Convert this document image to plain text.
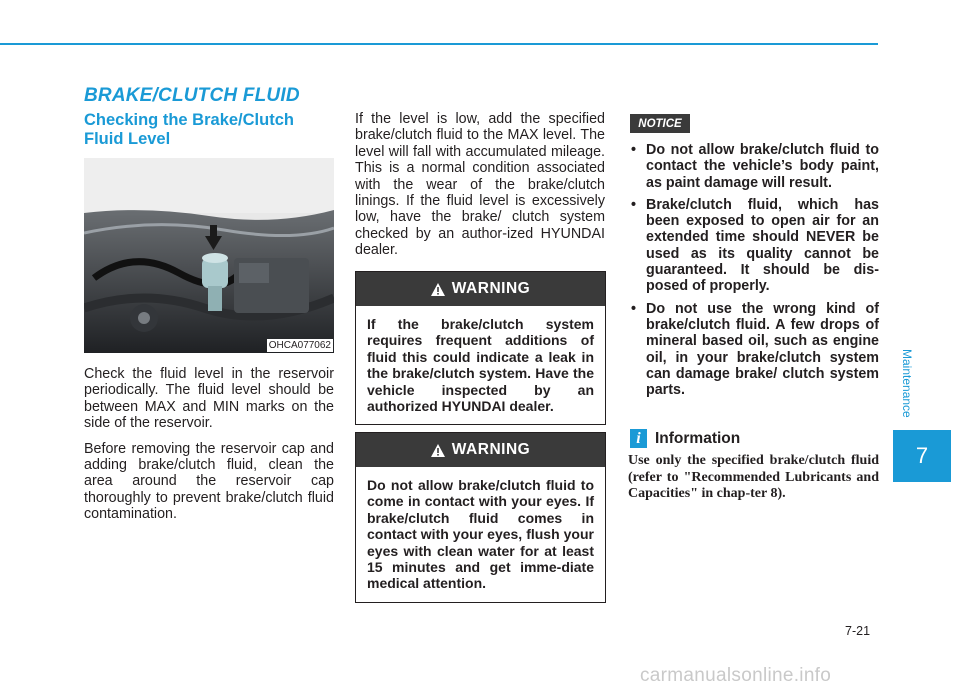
BRAKE/CLUTCH FLUID
Checking the Brake/Clutch Fluid Level
OHCA077062

Check the fluid level in the reservoir periodically. The fluid level should be between MAX and MIN marks on the side of the reservoir.

Before removing the reservoir cap and adding brake/clutch fluid, clean the area around the reservoir cap thoroughly to prevent brake/clutch fluid contamination.

If the level is low, add the specified brake/clutch fluid to the MAX level. The level will fall with accumulated mileage. This is a normal condition associated with the wear of the brake/clutch linings. If the fluid level is excessively low, have the brake/ clutch system checked by an author-ized HYUNDAI dealer.
WARNING
If the brake/clutch system requires frequent additions of fluid this could indicate a leak in the brake/clutch system. Have the vehicle inspected by an authorized HYUNDAI dealer.
WARNING
Do not allow brake/clutch fluid to come in contact with your eyes. If brake/clutch fluid comes in contact with your eyes, flush your eyes with clean water for at least 15 minutes and get imme-diate medical attention.
NOTICE
• Do not allow brake/clutch fluid to contact the vehicle’s body paint, as paint damage will result.
• Brake/clutch fluid, which has been exposed to open air for an extended time should NEVER be used as its quality cannot be guaranteed. It should be dis-posed of properly.
• Do not use the wrong kind of brake/clutch fluid. A few drops of mineral based oil, such as engine oil, in your brake/clutch system can damage brake/ clutch system parts.
i Information
Use only the specified brake/clutch fluid (refer to "Recommended Lubricants and Capacities" in chap-ter 8).
Maintenance
7
7-21
carmanualsonline.info
